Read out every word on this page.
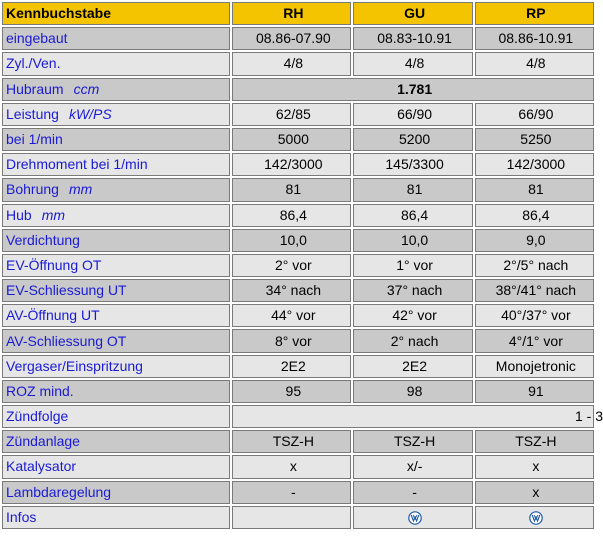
Kennbuchstabe	RH	GU	RP
eingebaut	08.86-07.90	08.83-10.91	08.86-10.91
Zyl./Ven.	4/8	4/8	4/8
Hubraum ccm	1.781		
Leistung kW/PS	62/85	66/90	66/90
bei 1/min	5000	5200	5250
Drehmoment bei 1/min	142/3000	145/3300	142/3000
Bohrung mm	81	81	81
Hub mm	86,4	86,4	86,4
Verdichtung	10,0	10,0	9,0
EV-Öffnung OT	2° vor	1° vor	2°/5° nach
EV-Schliessung UT	34° nach	37° nach	38°/41° nach
AV-Öffnung UT	44° vor	42° vor	40°/37° vor
AV-Schliessung OT	8° vor	2° nach	4°/1° vor
Vergaser/Einspritzung	2E2	2E2	Monojetronic
ROZ mind.	95	98	91
Zündfolge	1 - 3		
Zündanlage	TSZ-H	TSZ-H	TSZ-H
Katalysator	x	x/-	x
Lambdaregelung	-	-	x
Infos			
